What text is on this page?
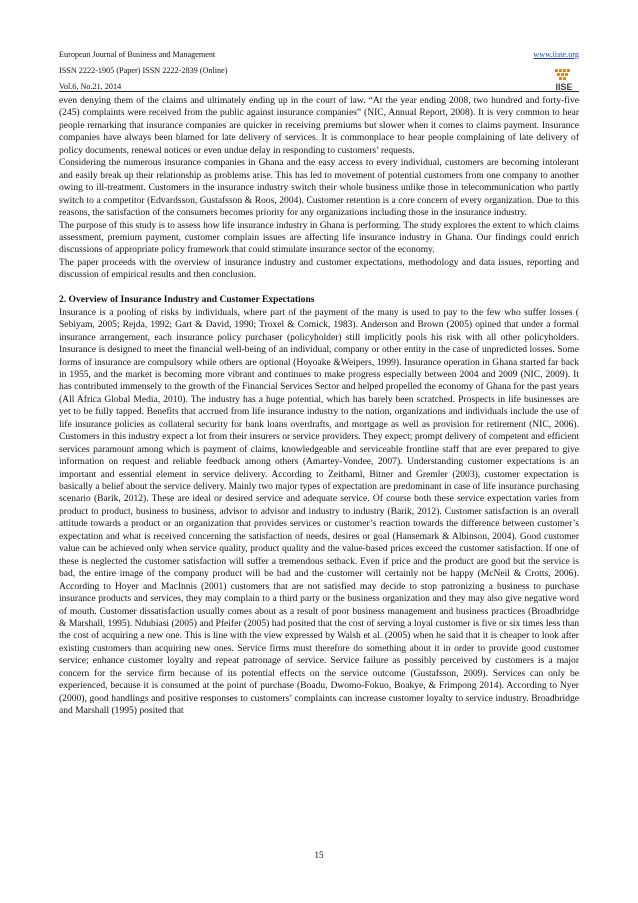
European Journal of Business and Management
ISSN 2222-1905 (Paper) ISSN 2222-2839 (Online)
Vol.6, No.21, 2014
www.iiste.org
IISE

even denying them of the claims and ultimately ending up in the court of law. “At the year ending 2008, two hundred and forty-five (245) complaints were received from the public against insurance companies” (NIC, Annual Report, 2008). It is very common to hear people remarking that insurance companies are quicker in receiving premiums but slower when it comes to claims payment. Insurance companies have always been blamed for late delivery of services. It is commonplace to hear people complaining of late delivery of policy documents, renewal notices or even undue delay in responding to customers’ requests.

Considering the numerous insurance companies in Ghana and the easy access to every individual, customers are becoming intolerant and easily break up their relationship as problems arise. This has led to movement of potential customers from one company to another owing to ill-treatment. Customers in the insurance industry switch their whole business unlike those in telecommunication who partly switch to a competitor (Edvardsson, Gustafsson & Roos, 2004). Customer retention is a core concern of every organization. Due to this reasons, the satisfaction of the consumers becomes priority for any organizations including those in the insurance industry.

The purpose of this study is to assess how life insurance industry in Ghana is performing. The study explores the extent to which claims assessment, premium payment, customer complain issues are affecting life insurance industry in Ghana. Our findings could enrich discussions of appropriate policy framework that could stimulate insurance sector of the economy.

The paper proceeds with the overview of insurance industry and customer expectations, methodology and data issues, reporting and discussion of empirical results and then conclusion.

2. Overview of Insurance Industry and Customer Expectations

Insurance is a pooling of risks by individuals, where part of the payment of the many is used to pay to the few who suffer losses ( Sebiyam, 2005; Rejda, 1992; Gart & David, 1990; Troxel & Comick, 1983). Anderson and Brown (2005) opined that under a formal insurance arrangement, each insurance policy purchaser (policyholder) still implicitly pools his risk with all other policyholders. Insurance is designed to meet the financial well-being of an individual, company or other entity in the case of unpredicted losses. Some forms of insurance are compulsory while others are optional (Hoyoake &Weipers, 1999). Insurance operation in Ghana started far back in 1955, and the market is becoming more vibrant and continues to make progress especially between 2004 and 2009 (NIC, 2009). It has contributed immensely to the growth of the Financial Services Sector and helped propelled the economy of Ghana for the past years (All Africa Global Media, 2010). The industry has a huge potential, which has barely been scratched. Prospects in life businesses are yet to be fully tapped. Benefits that accrued from life insurance industry to the nation, organizations and individuals include the use of life insurance policies as collateral security for bank loans overdrafts, and mortgage as well as provision for retirement (NIC, 2006). Customers in this industry expect a lot from their insurers or service providers. They expect; prompt delivery of competent and efficient services paramount among which is payment of claims, knowledgeable and serviceable frontline staff that are ever prepared to give information on request and reliable feedback among others (Amartey-Vondee, 2007). Understanding customer expectations is an important and essential element in service delivery. According to Zeithaml, Bitner and Gremler (2003), customer expectation is basically a belief about the service delivery. Mainly two major types of expectation are predominant in case of life insurance purchasing scenario (Barik, 2012). These are ideal or desired service and adequate service. Of course both these service expectation varies from product to product, business to business, advisor to advisor and industry to industry (Barik, 2012). Customer satisfaction is an overall attitude towards a product or an organization that provides services or customer’s reaction towards the difference between customer’s expectation and what is received concerning the satisfaction of needs, desires or goal (Hansemark & Albinson, 2004). Good customer value can be achieved only when service quality, product quality and the value-based prices exceed the customer satisfaction. If one of these is neglected the customer satisfaction will suffer a tremendous setback. Even if price and the product are good but the service is bad, the entire image of the company product will be bad and the customer will certainly not be happy (McNeil & Crotts, 2006). According to Hoyer and MacInnis (2001) customers that are not satisfied may decide to stop patronizing a business to purchase insurance products and services, they may complain to a third party or the business organization and they may also give negative word of mouth. Customer dissatisfaction usually comes about as a result of poor business management and business practices (Broadbridge & Marshall, 1995). Ndubiasi (2005) and Pfeifer (2005) had posited that the cost of serving a loyal customer is five or six times less than the cost of acquiring a new one. This is line with the view expressed by Walsh et al. (2005) when he said that it is cheaper to look after existing customers than acquiring new ones. Service firms must therefore do something about it in order to provide good customer service; enhance customer loyalty and repeat patronage of service. Service failure as possibly perceived by customers is a major concern for the service firm because of its potential effects on the service outcome (Gustafsson, 2009). Services can only be experienced, because it is consumed at the point of purchase (Boadu, Dwomo-Fokuo, Boakye, & Frimpong 2014). According to Nyer (2000), good handlings and positive responses to customers’ complaints can increase customer loyalty to service industry. Broadbridge and Marshall (1995) posited that

15
